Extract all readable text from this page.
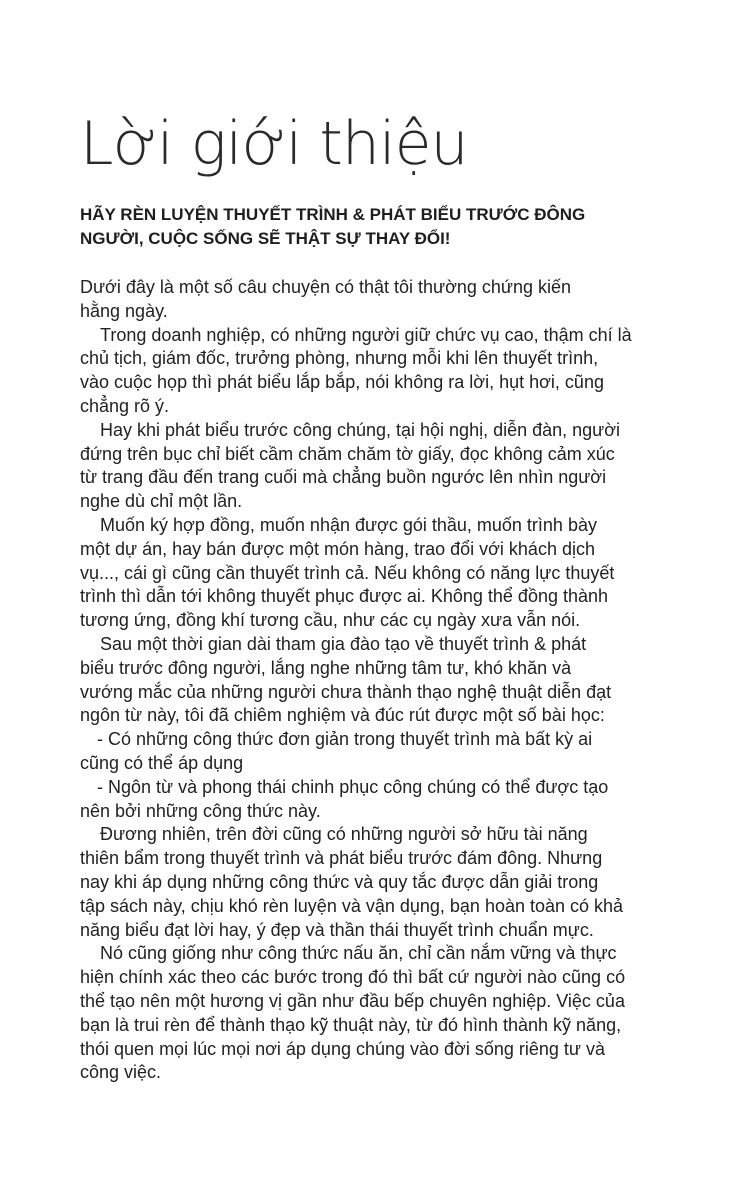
Lời giới thiệu
HÃY RÈN LUYỆN THUYẾT TRÌNH & PHÁT BIỂU TRƯỚC ĐÔNG
NGƯỜI, CUỘC SỐNG SẼ THẬT SỰ THAY ĐỔI!
Dưới đây là một số câu chuyện có thật tôi thường chứng kiến
hằng ngày.
Trong doanh nghiệp, có những người giữ chức vụ cao, thậm chí là
chủ tịch, giám đốc, trưởng phòng, nhưng mỗi khi lên thuyết trình,
vào cuộc họp thì phát biểu lắp bắp, nói không ra lời, hụt hơi, cũng
chẳng rõ ý.
Hay khi phát biểu trước công chúng, tại hội nghị, diễn đàn, người
đứng trên bục chỉ biết cầm chăm chăm tờ giấy, đọc không cảm xúc
từ trang đầu đến trang cuối mà chẳng buồn ngước lên nhìn người
nghe dù chỉ một lần.
Muốn ký hợp đồng, muốn nhận được gói thầu, muốn trình bày
một dự án, hay bán được một món hàng, trao đổi với khách dịch
vụ..., cái gì cũng cần thuyết trình cả. Nếu không có năng lực thuyết
trình thì dẫn tới không thuyết phục được ai. Không thể đồng thành
tương ứng, đồng khí tương cầu, như các cụ ngày xưa vẫn nói.
Sau một thời gian dài tham gia đào tạo về thuyết trình & phát
biểu trước đông người, lắng nghe những tâm tư, khó khăn và
vướng mắc của những người chưa thành thạo nghệ thuật diễn đạt
ngôn từ này, tôi đã chiêm nghiệm và đúc rút được một số bài học:
- Có những công thức đơn giản trong thuyết trình mà bất kỳ ai
cũng có thể áp dụng
- Ngôn từ và phong thái chinh phục công chúng có thể được tạo
nên bởi những công thức này.
Đương nhiên, trên đời cũng có những người sở hữu tài năng
thiên bẩm trong thuyết trình và phát biểu trước đám đông. Nhưng
nay khi áp dụng những công thức và quy tắc được dẫn giải trong
tập sách này, chịu khó rèn luyện và vận dụng, bạn hoàn toàn có khả
năng biểu đạt lời hay, ý đẹp và thần thái thuyết trình chuẩn mực.
Nó cũng giống như công thức nấu ăn, chỉ cần nắm vững và thực
hiện chính xác theo các bước trong đó thì bất cứ người nào cũng có
thể tạo nên một hương vị gần như đầu bếp chuyên nghiệp. Việc của
bạn là trui rèn để thành thạo kỹ thuật này, từ đó hình thành kỹ năng,
thói quen mọi lúc mọi nơi áp dụng chúng vào đời sống riêng tư và
công việc.
